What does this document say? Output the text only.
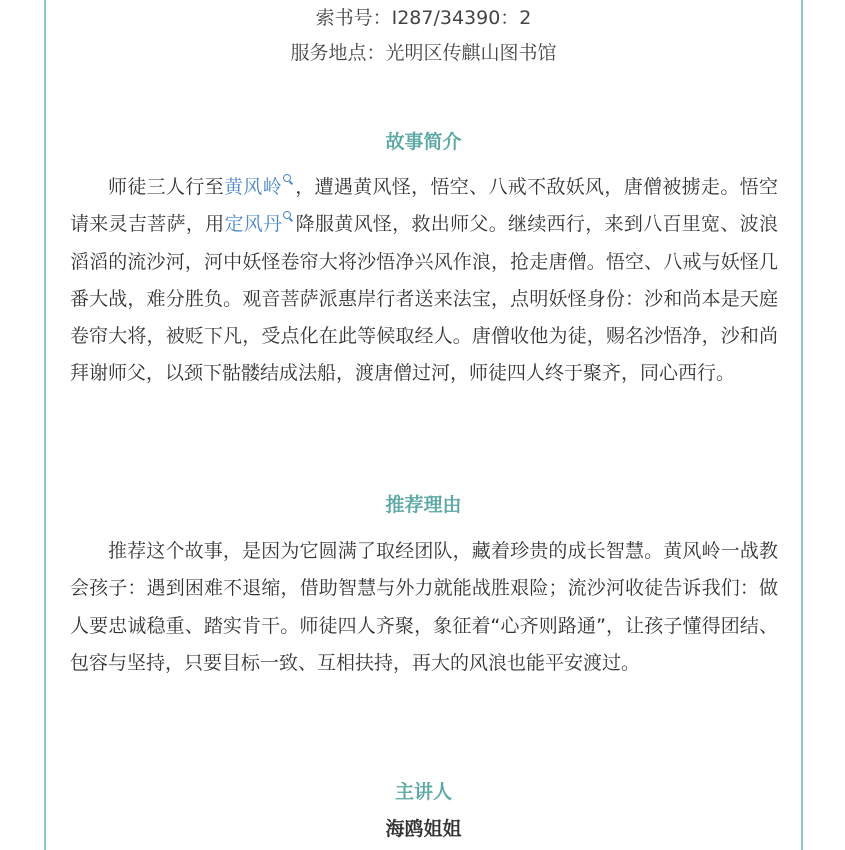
索书号：I287/34390：2
服务地点：光明区传麒山图书馆
故事简介

师徒三人行至黄风岭 ，遭遇黄风怪，悟空、八戒不敌妖风，唐僧被掳走。悟空请来灵吉菩萨，用定风丹 降服黄风怪，救出师父。继续西行，来到八百里宽、波浪滔滔的流沙河，河中妖怪卷帘大将沙悟净兴风作浪，抢走唐僧。悟空、八戒与妖怪几番大战，难分胜负。观音菩萨派惠岸行者送来法宝，点明妖怪身份：沙和尚本是天庭卷帘大将，被贬下凡，受点化在此等候取经人。唐僧收他为徒，赐名沙悟净，沙和尚拜谢师父，以颈下骷髅结成法船，渡唐僧过河，师徒四人终于聚齐，同心西行。

推荐理由

推荐这个故事，是因为它圆满了取经团队，藏着珍贵的成长智慧。黄风岭一战教会孩子：遇到困难不退缩，借助智慧与外力就能战胜艰险；流沙河收徒告诉我们：做人要忠诚稳重、踏实肯干。师徒四人齐聚，象征着“心齐则路通”，让孩子懂得团结、包容与坚持，只要目标一致、互相扶持，再大的风浪也能平安渡过。

主讲人
海鸥姐姐
